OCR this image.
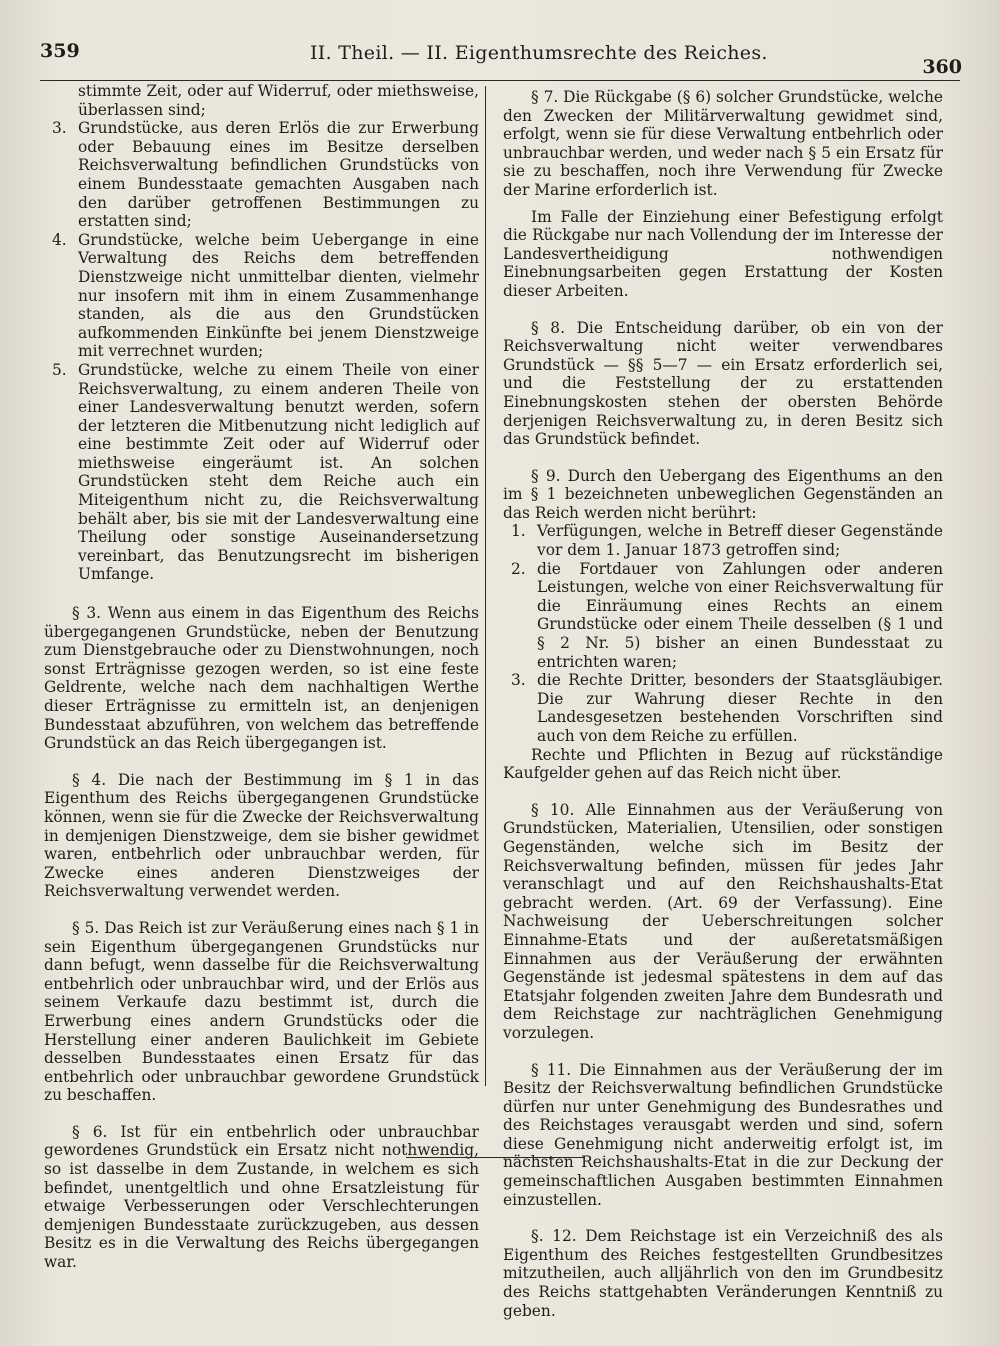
359	II. Theil. — II. Eigenthumsrechte des Reiches.
360

stimmte Zeit, oder auf Widerruf, oder miethsweise, überlassen sind;

3. Grundstücke, aus deren Erlös die zur Erwerbung oder Bebauung eines im Besitze derselben Reichsverwaltung befindlichen Grundstücks von einem Bundesstaate gemachten Ausgaben nach den darüber getroffenen Bestimmungen zu erstatten sind;
4. Grundstücke, welche beim Uebergange in eine Verwaltung des Reichs dem betreffenden Dienstzweige nicht unmittelbar dienten, vielmehr nur insofern mit ihm in einem Zusammenhange standen, als die aus den Grundstücken aufkommenden Einkünfte bei jenem Dienstzweige mit verrechnet wurden;
5. Grundstücke, welche zu einem Theile von einer Reichsverwaltung, zu einem anderen Theile von einer Landesverwaltung benutzt werden, sofern der letzteren die Mitbenutzung nicht lediglich auf eine bestimmte Zeit oder auf Widerruf oder miethsweise eingeräumt ist. An solchen Grundstücken steht dem Reiche auch ein Miteigenthum nicht zu, die Reichsverwaltung behält aber, bis sie mit der Landesverwaltung eine Theilung oder sonstige Auseinandersetzung vereinbart, das Benutzungsrecht im bisherigen Umfange.

§ 3. Wenn aus einem in das Eigenthum des Reichs übergegangenen Grundstücke, neben der Benutzung zum Dienstgebrauche oder zu Dienstwohnungen, noch sonst Erträgnisse gezogen werden, so ist eine feste Geldrente, welche nach dem nachhaltigen Werthe dieser Erträgnisse zu ermitteln ist, an denjenigen Bundesstaat abzuführen, von welchem das betreffende Grundstück an das Reich übergegangen ist.

§ 4. Die nach der Bestimmung im § 1 in das Eigenthum des Reichs übergegangenen Grundstücke können, wenn sie für die Zwecke der Reichsverwaltung in demjenigen Dienstzweige, dem sie bisher gewidmet waren, entbehrlich oder unbrauchbar werden, für Zwecke eines anderen Dienstzweiges der Reichsverwaltung verwendet werden.

§ 5. Das Reich ist zur Veräußerung eines nach § 1 in sein Eigenthum übergegangenen Grundstücks nur dann befugt, wenn dasselbe für die Reichsverwaltung entbehrlich oder unbrauchbar wird, und der Erlös aus seinem Verkaufe dazu bestimmt ist, durch die Erwerbung eines andern Grundstücks oder die Herstellung einer anderen Baulichkeit im Gebiete desselben Bundesstaates einen Ersatz für das entbehrlich oder unbrauchbar gewordene Grundstück zu beschaffen.

§ 6. Ist für ein entbehrlich oder unbrauchbar gewordenes Grundstück ein Ersatz nicht nothwendig, so ist dasselbe in dem Zustande, in welchem es sich befindet, unentgeltlich und ohne Ersatzleistung für etwaige Verbesserungen oder Verschlechterungen demjenigen Bundesstaate zurückzugeben, aus dessen Besitz es in die Verwaltung des Reichs übergegangen war.

§ 7. Die Rückgabe (§ 6) solcher Grundstücke, welche den Zwecken der Militärverwaltung gewidmet sind, erfolgt, wenn sie für diese Verwaltung entbehrlich oder unbrauchbar werden, und weder nach § 5 ein Ersatz für sie zu beschaffen, noch ihre Verwendung für Zwecke der Marine erforderlich ist.

Im Falle der Einziehung einer Befestigung erfolgt die Rückgabe nur nach Vollendung der im Interesse der Landesvertheidigung nothwendigen Einebnungsarbeiten gegen Erstattung der Kosten dieser Arbeiten.

§ 8. Die Entscheidung darüber, ob ein von der Reichsverwaltung nicht weiter verwendbares Grundstück — §§ 5—7 — ein Ersatz erforderlich sei, und die Feststellung der zu erstattenden Einebnungskosten stehen der obersten Behörde derjenigen Reichsverwaltung zu, in deren Besitz sich das Grundstück befindet.

§ 9. Durch den Uebergang des Eigenthums an den im § 1 bezeichneten unbeweglichen Gegenständen an das Reich werden nicht berührt:

1. Verfügungen, welche in Betreff dieser Gegenstände vor dem 1. Januar 1873 getroffen sind;
2. die Fortdauer von Zahlungen oder anderen Leistungen, welche von einer Reichsverwaltung für die Einräumung eines Rechts an einem Grundstücke oder einem Theile desselben (§ 1 und § 2 Nr. 5) bisher an einen Bundesstaat zu entrichten waren;
3. die Rechte Dritter, besonders der Staatsgläubiger. Die zur Wahrung dieser Rechte in den Landesgesetzen bestehenden Vorschriften sind auch von dem Reiche zu erfüllen.

Rechte und Pflichten in Bezug auf rückständige Kaufgelder gehen auf das Reich nicht über.

§ 10. Alle Einnahmen aus der Veräußerung von Grundstücken, Materialien, Utensilien, oder sonstigen Gegenständen, welche sich im Besitz der Reichsverwaltung befinden, müssen für jedes Jahr veranschlagt und auf den Reichshaushalts-Etat gebracht werden. (Art. 69 der Verfassung). Eine Nachweisung der Ueberschreitungen solcher Einnahme-Etats und der außeretatsmäßigen Einnahmen aus der Veräußerung der erwähnten Gegenstände ist jedesmal spätestens in dem auf das Etatsjahr folgenden zweiten Jahre dem Bundesrath und dem Reichstage zur nachträglichen Genehmigung vorzulegen.

§ 11. Die Einnahmen aus der Veräußerung der im Besitz der Reichsverwaltung befindlichen Grundstücke dürfen nur unter Genehmigung des Bundesrathes und des Reichstages verausgabt werden und sind, sofern diese Genehmigung nicht anderweitig erfolgt ist, im nächsten Reichshaushalts-Etat in die zur Deckung der gemeinschaftlichen Ausgaben bestimmten Einnahmen einzustellen.

§. 12. Dem Reichstage ist ein Verzeichniß des als Eigenthum des Reiches festgestellten Grundbesitzes mitzutheilen, auch alljährlich von den im Grundbesitz des Reichs stattgehabten Veränderungen Kenntniß zu geben.
